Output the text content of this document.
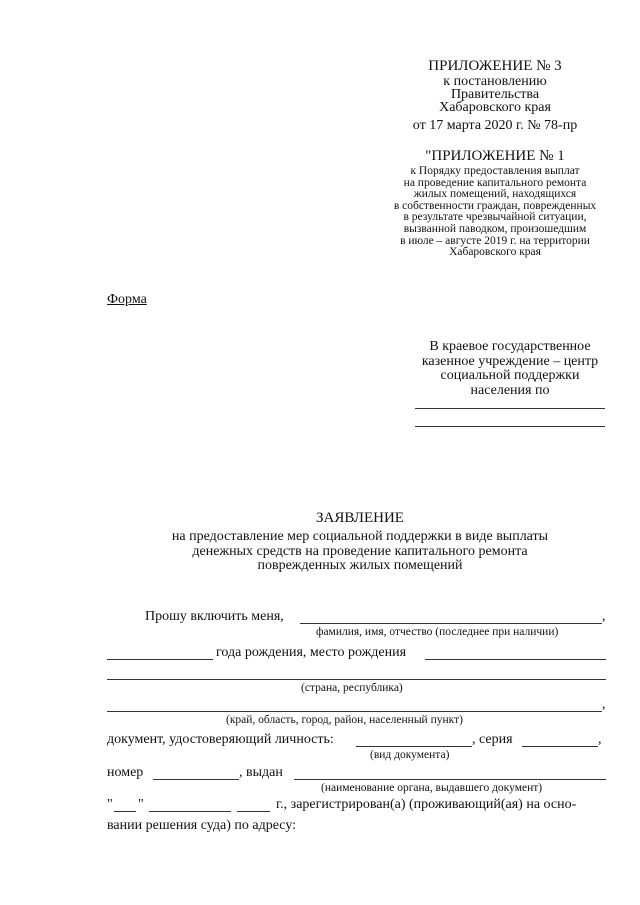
ПРИЛОЖЕНИЕ № 3
к постановлению
Правительства
Хабаровского края
от 17 марта 2020 г. № 78-пр
"ПРИЛОЖЕНИЕ № 1
к Порядку предоставления выплат
на проведение капитального ремонта
жилых помещений, находящихся
в собственности граждан, поврежденных
в результате чрезвычайной ситуации,
вызванной паводком, произошедшим
в июле – августе 2019 г. на территории
Хабаровского края
Форма
В краевое государственное
казенное учреждение – центр
социальной поддержки
населения по
ЗАЯВЛЕНИЕ
на предоставление мер социальной поддержки в виде выплаты
денежных средств на проведение капитального ремонта
поврежденных жилых помещений
Прошу включить меня,	,
фамилия, имя, отчество (последнее при наличии)
года рождения, место рождения
(страна, республика)
,
(край, область, город, район, населенный пункт)
документ, удостоверяющий личность:	, серия	,
(вид документа)
номер	, выдан
(наименование органа, выдавшего документ)
" "	г., зарегистрирован(а) (проживающий(ая) на осно-
вании решения суда) по адресу:
